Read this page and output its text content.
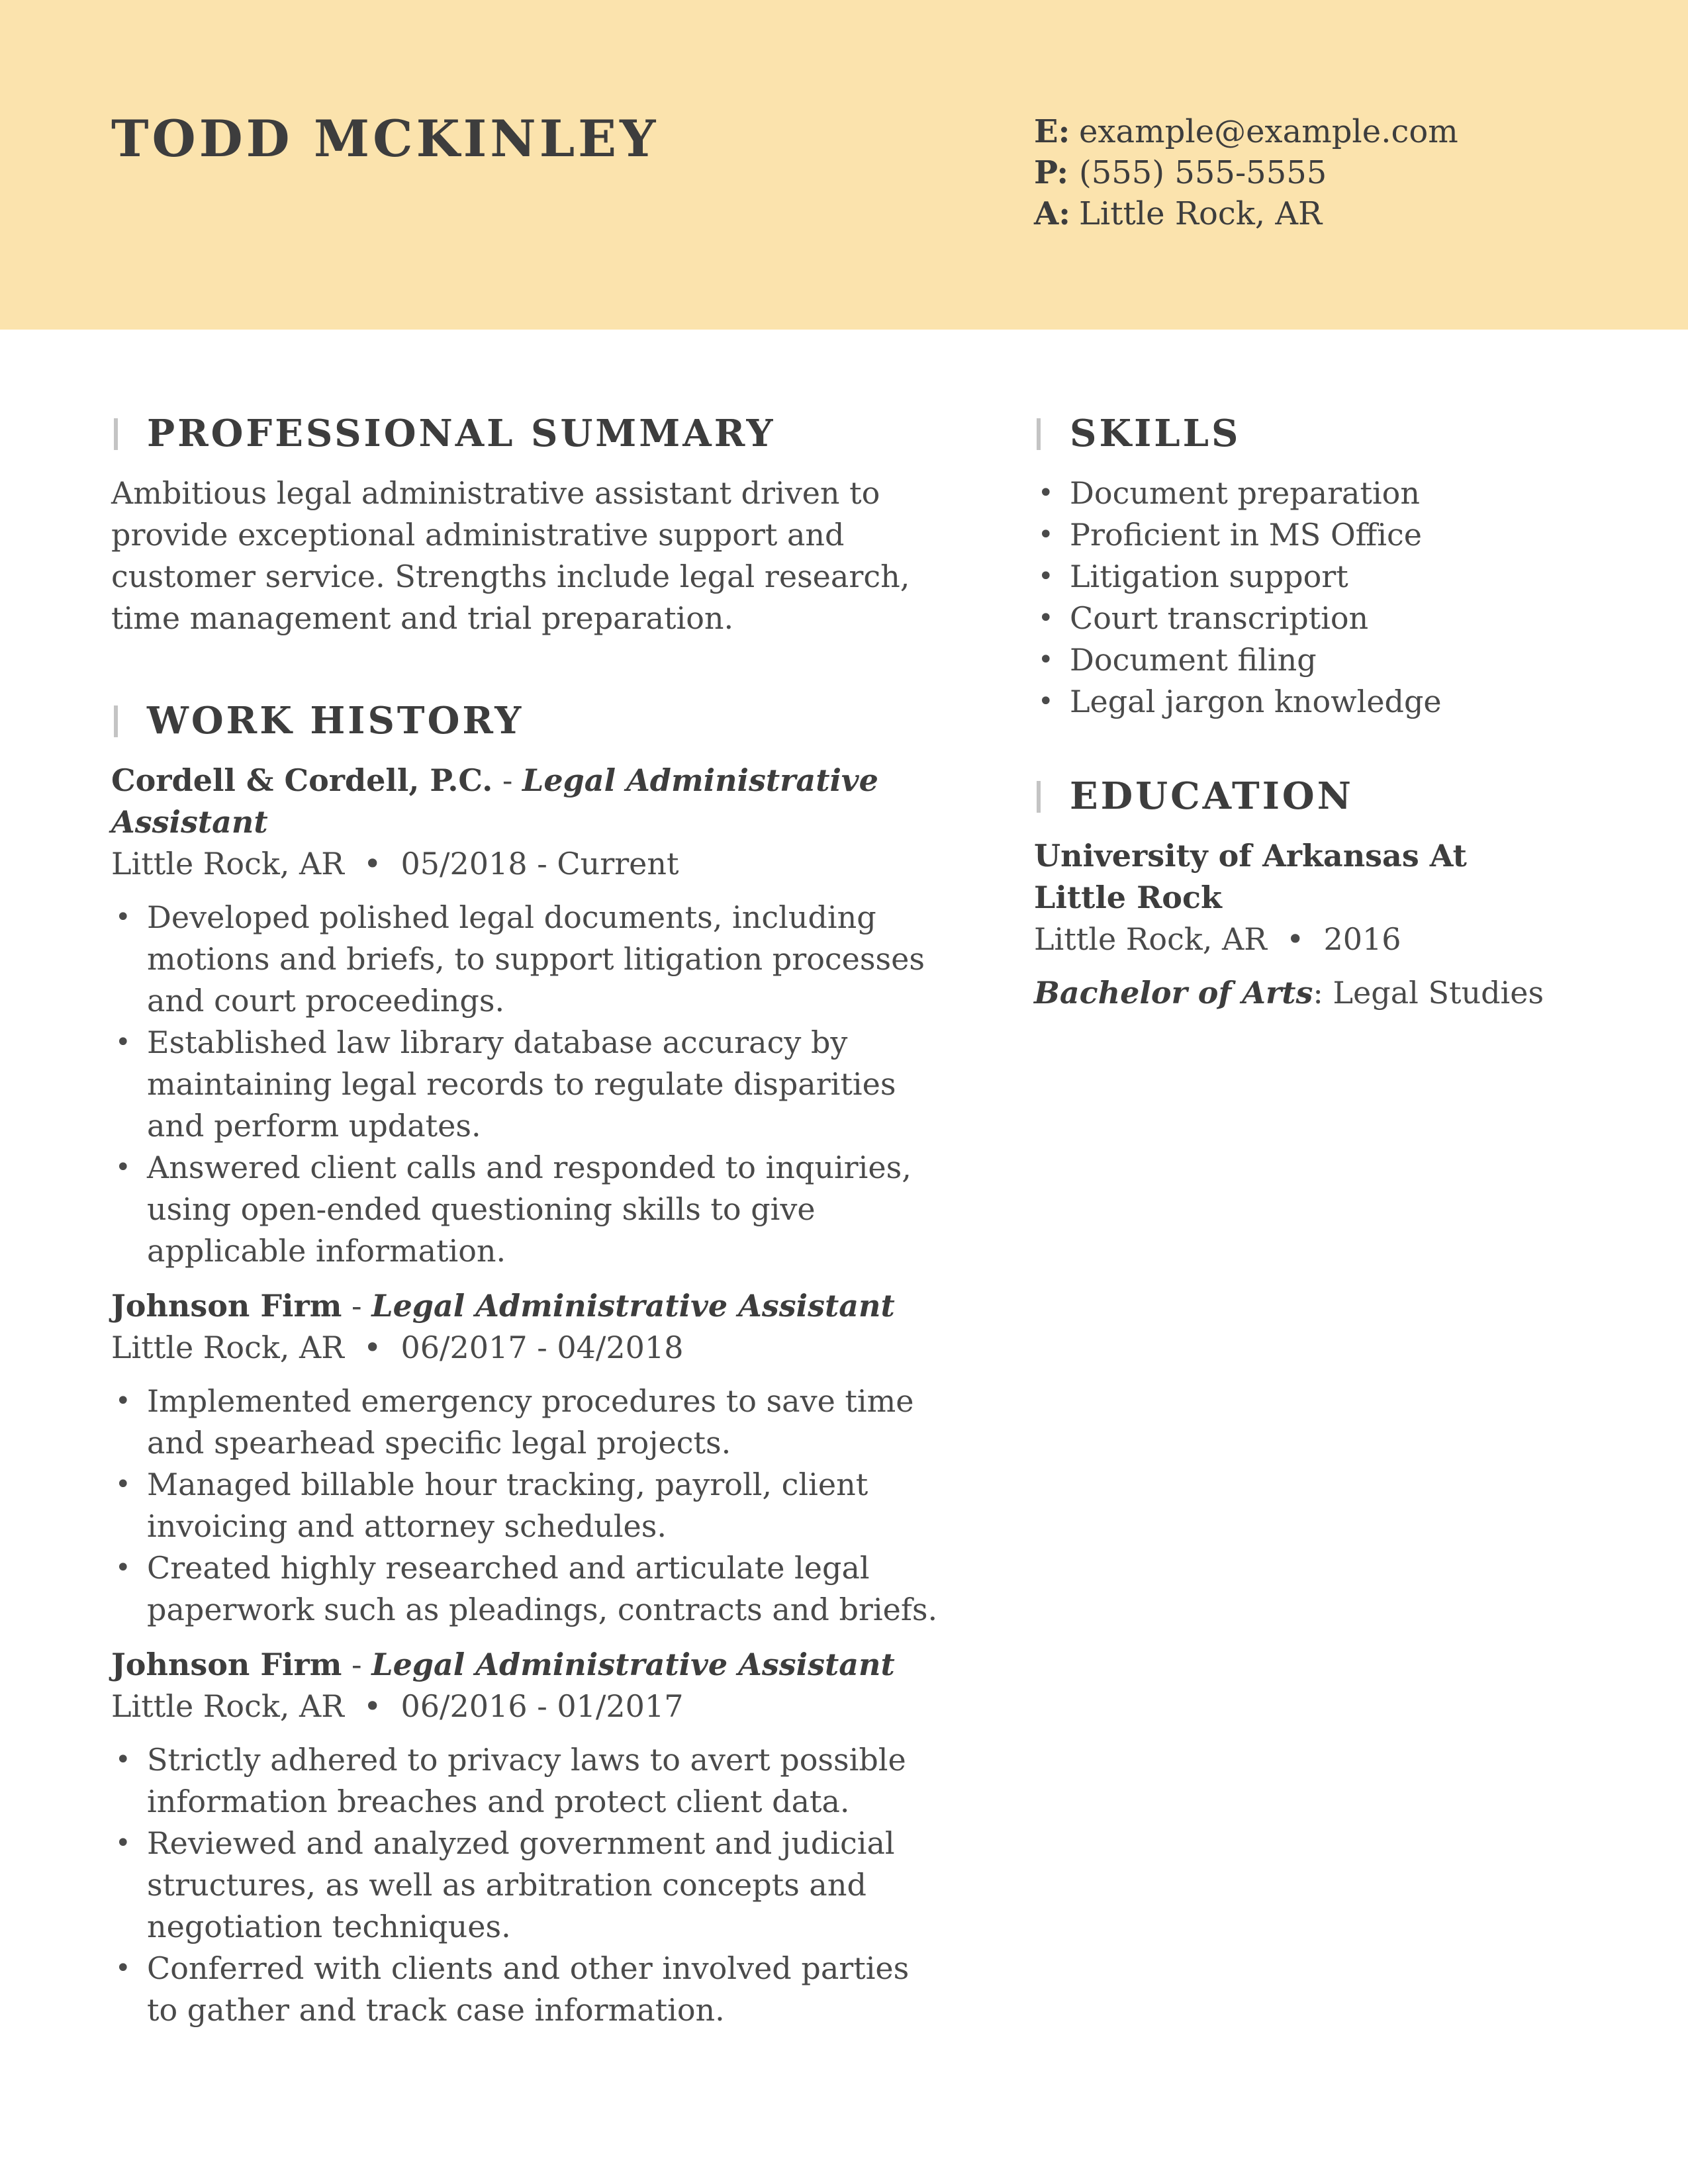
TODD MCKINLEY	E: example@example.com
P: (555) 555-5555
A: Little Rock, AR
PROFESSIONAL SUMMARY

Ambitious legal administrative assistant driven to provide exceptional administrative support and customer service. Strengths include legal research, time management and trial preparation.

WORK HISTORY

Cordell & Cordell, P.C. - Legal Administrative Assistant

Little Rock, AR • 05/2018 - Current

• Developed polished legal documents, including motions and briefs, to support litigation processes and court proceedings.
• Established law library database accuracy by maintaining legal records to regulate disparities and perform updates.
• Answered client calls and responded to inquiries, using open-ended questioning skills to give applicable information.

Johnson Firm - Legal Administrative Assistant

Little Rock, AR • 06/2017 - 04/2018

• Implemented emergency procedures to save time and spearhead specific legal projects.
• Managed billable hour tracking, payroll, client invoicing and attorney schedules.
• Created highly researched and articulate legal paperwork such as pleadings, contracts and briefs.

Johnson Firm - Legal Administrative Assistant

Little Rock, AR • 06/2016 - 01/2017

• Strictly adhered to privacy laws to avert possible information breaches and protect client data.
• Reviewed and analyzed government and judicial structures, as well as arbitration concepts and negotiation techniques.
• Conferred with clients and other involved parties to gather and track case information.
SKILLS
• Document preparation
• Proficient in MS Office
• Litigation support
• Court transcription
• Document filing
• Legal jargon knowledge
EDUCATION

University of Arkansas At Little Rock

Little Rock, AR • 2016

Bachelor of Arts: Legal Studies
